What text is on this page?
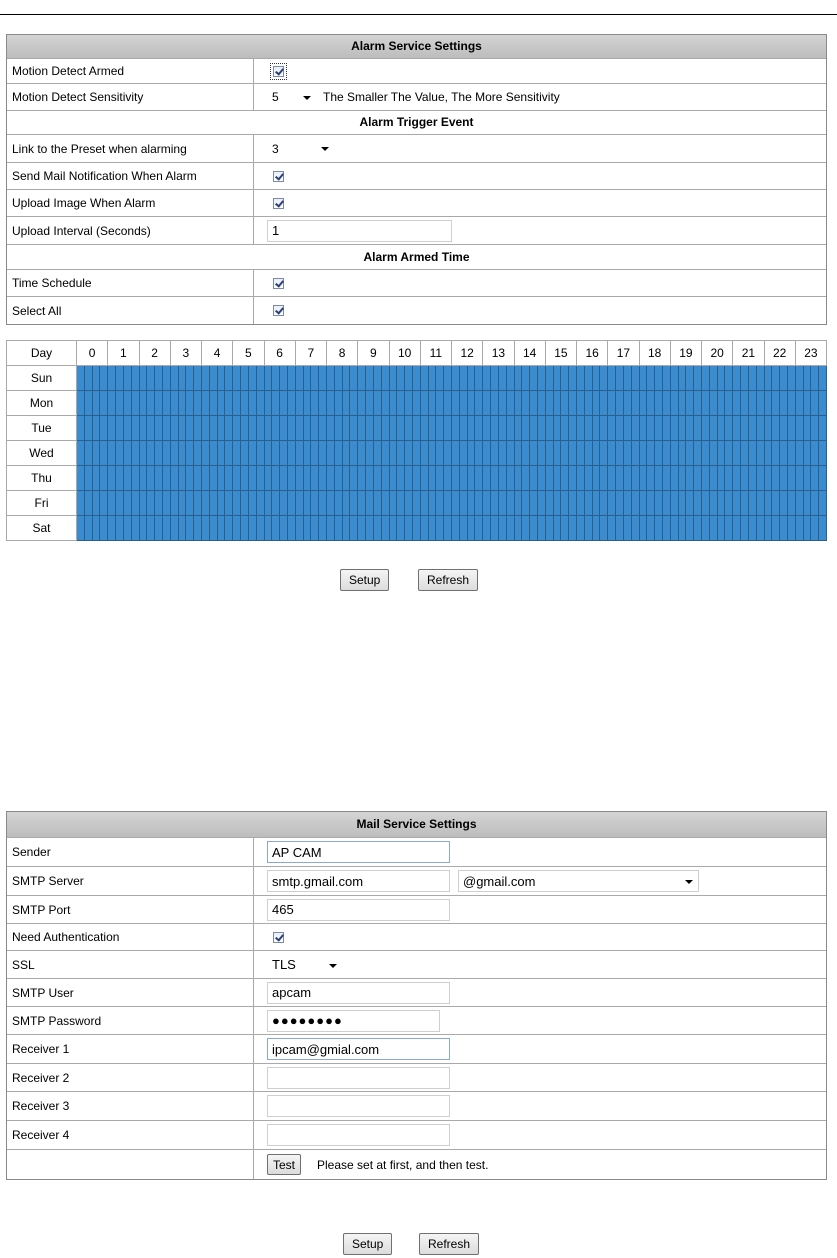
Alarm Service Settings
Motion Detect Armed
Motion Detect Sensitivity	5	The Smaller The Value, The More Sensitivity
Alarm Trigger Event
Link to the Preset when alarming	3
Send Mail Notification When Alarm
Upload Image When Alarm
Upload Interval (Seconds)	1
Alarm Armed Time
Time Schedule
Select All
Day	0	1	2	3	4	5	6	7	8	9	10	11	12	13	14	15	16	17	18	19	20	21	22	23
Sun																																																																																																
Mon																																																																																																
Tue																																																																																																
Wed																																																																																																
Thu																																																																																																
Fri																																																																																																
Sat																																																																																																
Setup	Refresh
Mail Service Settings
Sender	AP CAM
SMTP Server	smtp.gmail.com	@gmail.com
SMTP Port	465
Need Authentication
SSL	TLS
SMTP User	apcam
SMTP Password	●●●●●●●●
Receiver 1	ipcam@gmial.com
Receiver 2
Receiver 3
Receiver 4
Test	Please set at first, and then test.
Setup	Refresh
